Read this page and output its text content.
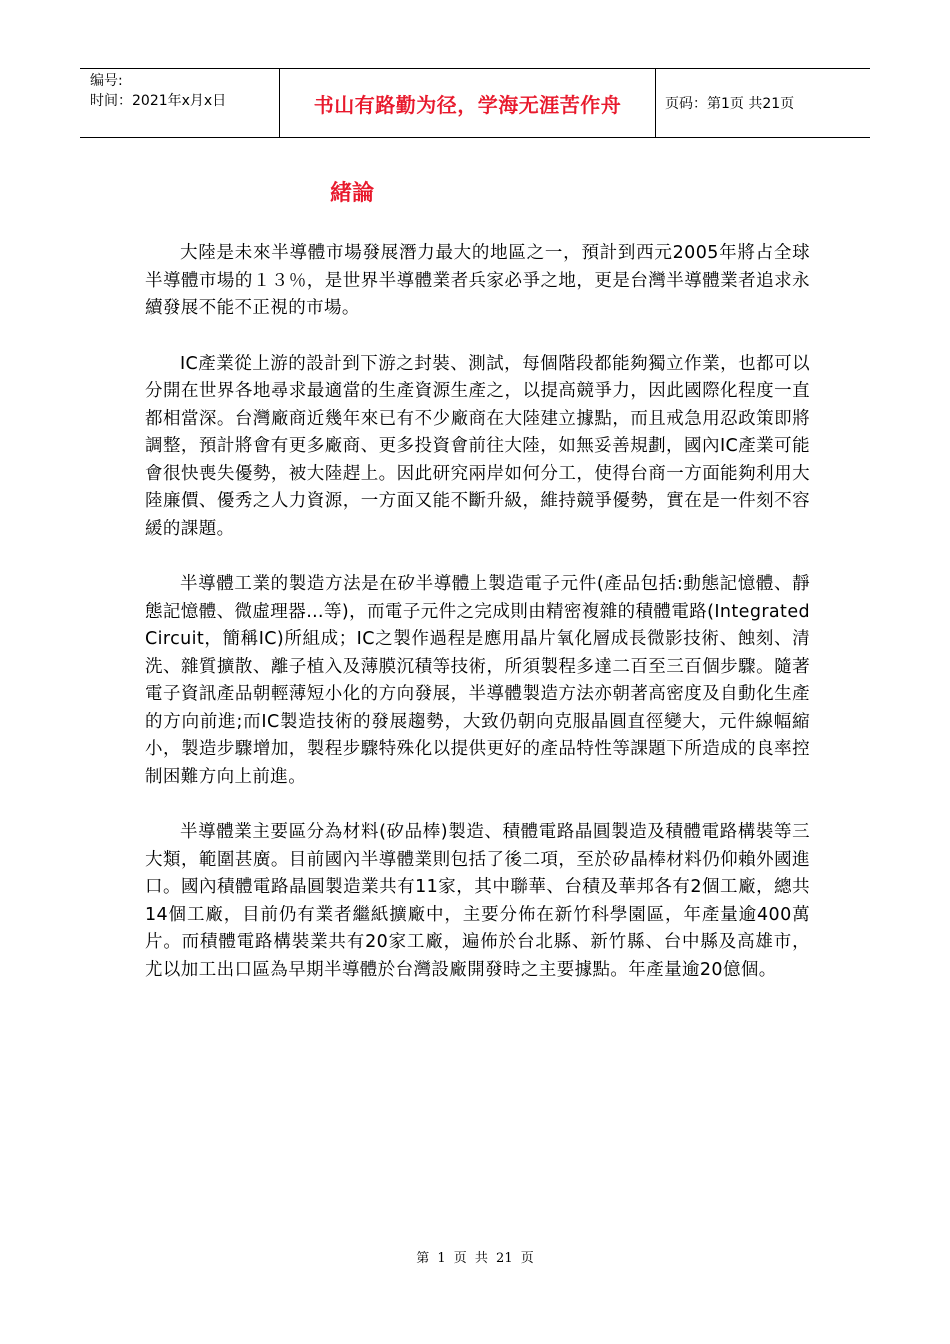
编号:
时间：2021年x月x日	书山有路勤为径，学海无涯苦作舟	页码：第1页 共21页
緒論

大陸是未來半導體市場發展潛力最大的地區之一，預計到西元2005年將占全球半導體市場的１３％，是世界半導體業者兵家必爭之地，更是台灣半導體業者追求永續發展不能不正視的市場。

IC產業從上游的設計到下游之封裝、測試，每個階段都能夠獨立作業，也都可以分開在世界各地尋求最適當的生產資源生產之，以提高競爭力，因此國際化程度一直都相當深。台灣廠商近幾年來已有不少廠商在大陸建立據點，而且戒急用忍政策即將調整，預計將會有更多廠商、更多投資會前往大陸，如無妥善規劃，國內IC產業可能會很快喪失優勢，被大陸趕上。因此研究兩岸如何分工，使得台商一方面能夠利用大陸廉價、優秀之人力資源，一方面又能不斷升級，維持競爭優勢，實在是一件刻不容緩的課題。

半導體工業的製造方法是在矽半導體上製造電子元件(產品包括:動態記憶體、靜態記憶體、微虛理器…等)，而電子元件之完成則由精密複雜的積體電路(Integrated Circuit，簡稱IC)所組成；IC之製作過程是應用晶片氧化層成長微影技術、蝕刻、清洗、雜質擴散、離子植入及薄膜沉積等技術，所須製程多達二百至三百個步驟。隨著電子資訊產品朝輕薄短小化的方向發展，半導體製造方法亦朝著高密度及自動化生產的方向前進;而IC製造技術的發展趨勢，大致仍朝向克服晶圓直徑變大，元件線幅縮小，製造步驟增加，製程步驟特殊化以提供更好的產品特性等課題下所造成的良率控制困難方向上前進。

半導體業主要區分為材料(矽品棒)製造、積體電路晶圓製造及積體電路構裝等三大類，範圍甚廣。目前國內半導體業則包括了後二項，至於矽晶棒材料仍仰賴外國進口。國內積體電路晶圓製造業共有11家，其中聯華、台積及華邦各有2個工廠，總共14個工廠，目前仍有業者繼紙擴廠中，主要分佈在新竹科學園區，年產量逾400萬片。而積體電路構裝業共有20家工廠，遍佈於台北縣、新竹縣、台中縣及高雄市，尤以加工出口區為早期半導體於台灣設廠開發時之主要據點。年產量逾20億個。

第 1 页 共 21 页
